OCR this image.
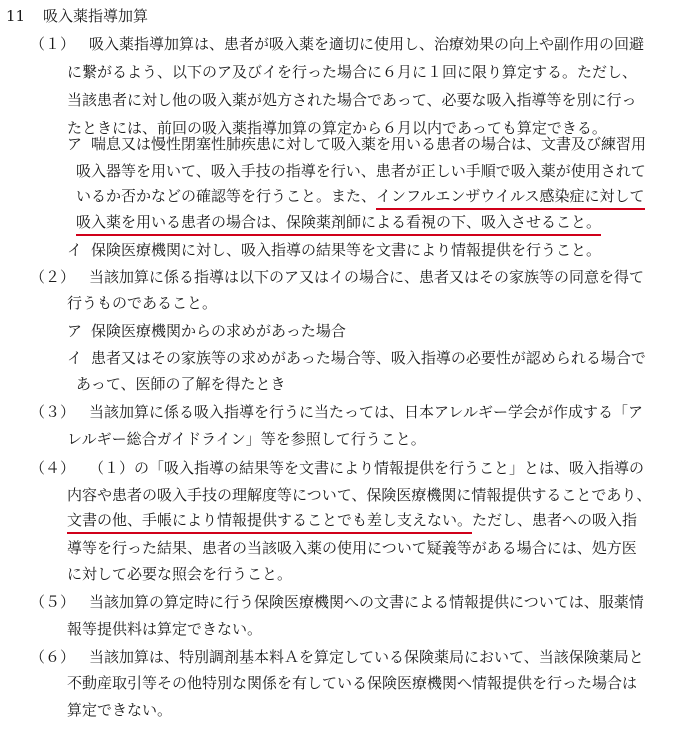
11 吸入薬指導加算
（１） 吸入薬指導加算は、患者が吸入薬を適切に使用し、治療効果の向上や副作用の回避
に繋がるよう、以下のア及びイを行った場合に６月に１回に限り算定する。ただし、
当該患者に対し他の吸入薬が処方された場合であって、必要な吸入指導等を別に行っ
たときには、前回の吸入薬指導加算の算定から６月以内であっても算定できる。
ア 喘息又は慢性閉塞性肺疾患に対して吸入薬を用いる患者の場合は、文書及び練習用
吸入器等を用いて、吸入手技の指導を行い、患者が正しい手順で吸入薬が使用されて
いるか否かなどの確認等を行うこと。また、インフルエンザウイルス感染症に対して
吸入薬を用いる患者の場合は、保険薬剤師による看視の下、吸入させること。
イ 保険医療機関に対し、吸入指導の結果等を文書により情報提供を行うこと。
（２） 当該加算に係る指導は以下のア又はイの場合に、患者又はその家族等の同意を得て
行うものであること。
ア 保険医療機関からの求めがあった場合
イ 患者又はその家族等の求めがあった場合等、吸入指導の必要性が認められる場合で
あって、医師の了解を得たとき
（３） 当該加算に係る吸入指導を行うに当たっては、日本アレルギー学会が作成する「ア
レルギー総合ガイドライン」等を参照して行うこと。
（４） （１）の「吸入指導の結果等を文書により情報提供を行うこと」とは、吸入指導の
内容や患者の吸入手技の理解度等について、保険医療機関に情報提供することであり、
文書の他、手帳により情報提供することでも差し支えない。ただし、患者への吸入指
導等を行った結果、患者の当該吸入薬の使用について疑義等がある場合には、処方医
に対して必要な照会を行うこと。
（５） 当該加算の算定時に行う保険医療機関への文書による情報提供については、服薬情
報等提供料は算定できない。
（６） 当該加算は、特別調剤基本料Ａを算定している保険薬局において、当該保険薬局と
不動産取引等その他特別な関係を有している保険医療機関へ情報提供を行った場合は
算定できない。
